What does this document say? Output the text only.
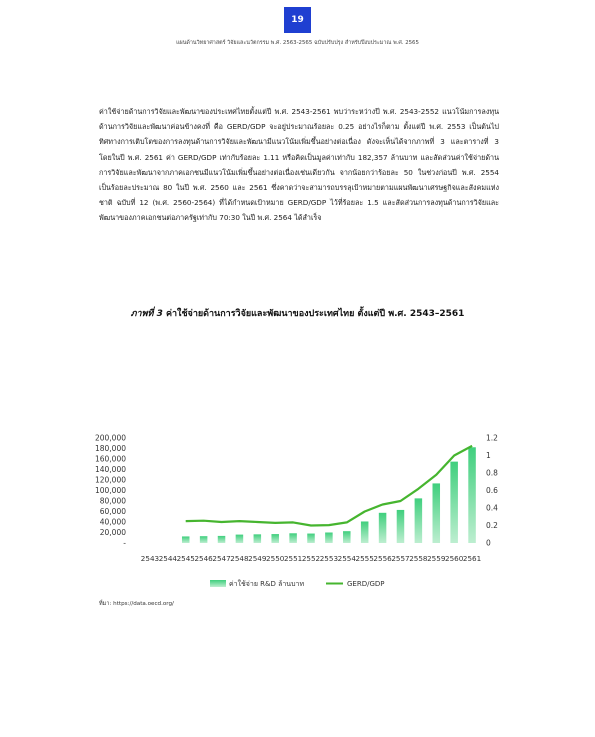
19
แผนด้านวิทยาศาสตร์ วิจัยและนวัตกรรม พ.ศ. 2563-2565 ฉบับปรับปรุง สำหรับปีงบประมาณ พ.ศ. 2565

ค่าใช้จ่ายด้านการวิจัยและพัฒนาของประเทศไทยตั้งแต่ปี พ.ศ. 2543-2561 พบว่าระหว่างปี พ.ศ. 2543-2552 แนวโน้มการลงทุนด้านการวิจัยและพัฒนาค่อนข้างคงที่ คือ GERD/GDP จะอยู่ประมาณร้อยละ 0.25 อย่างไรก็ตาม ตั้งแต่ปี พ.ศ. 2553 เป็นต้นไป ทิศทางการเติบโตของการลงทุนด้านการวิจัยและพัฒนามีแนวโน้มเพิ่มขึ้นอย่างต่อเนื่อง ดังจะเห็นได้จากภาพที่ 3 และตารางที่ 3 โดยในปี พ.ศ. 2561 ค่า GERD/GDP เท่ากับร้อยละ 1.11 หรือคิดเป็นมูลค่าเท่ากับ 182,357 ล้านบาท และสัดส่วนค่าใช้จ่ายด้านการวิจัยและพัฒนาจากภาคเอกชนมีแนวโน้มเพิ่มขึ้นอย่างต่อเนื่องเช่นเดียวกัน จากน้อยกว่าร้อยละ 50 ในช่วงก่อนปี พ.ศ. 2554 เป็นร้อยละประมาณ 80 ในปี พ.ศ. 2560 และ 2561 ซึ่งคาดว่าจะสามารถบรรลุเป้าหมายตามแผนพัฒนาเศรษฐกิจและสังคมแห่งชาติ ฉบับที่ 12 (พ.ศ. 2560-2564) ที่ได้กำหนดเป้าหมาย GERD/GDP ไว้ที่ร้อยละ 1.5 และสัดส่วนการลงทุนด้านการวิจัยและพัฒนาของภาคเอกชนต่อภาครัฐเท่ากับ 70:30 ในปี พ.ศ. 2564 ได้สำเร็จ

ภาพที่ 3 ค่าใช้จ่ายด้านการวิจัยและพัฒนาของประเทศไทย ตั้งแต่ปี พ.ศ. 2543–2561
-
20,000
40,000
60,000
80,000
100,000
120,000
140,000
160,000
180,000
200,000
0
0.2
0.4
0.6
0.8
1
1.2
2543 2544 2545 2546 2547 2548 2549 2550 2551 2552 2553 2554 2555 2556 2557 2558 2559 2560 2561
ค่าใช้จ่าย R&D ล้านบาท	GERD/GDP
ที่มา: https://data.oecd.org/
